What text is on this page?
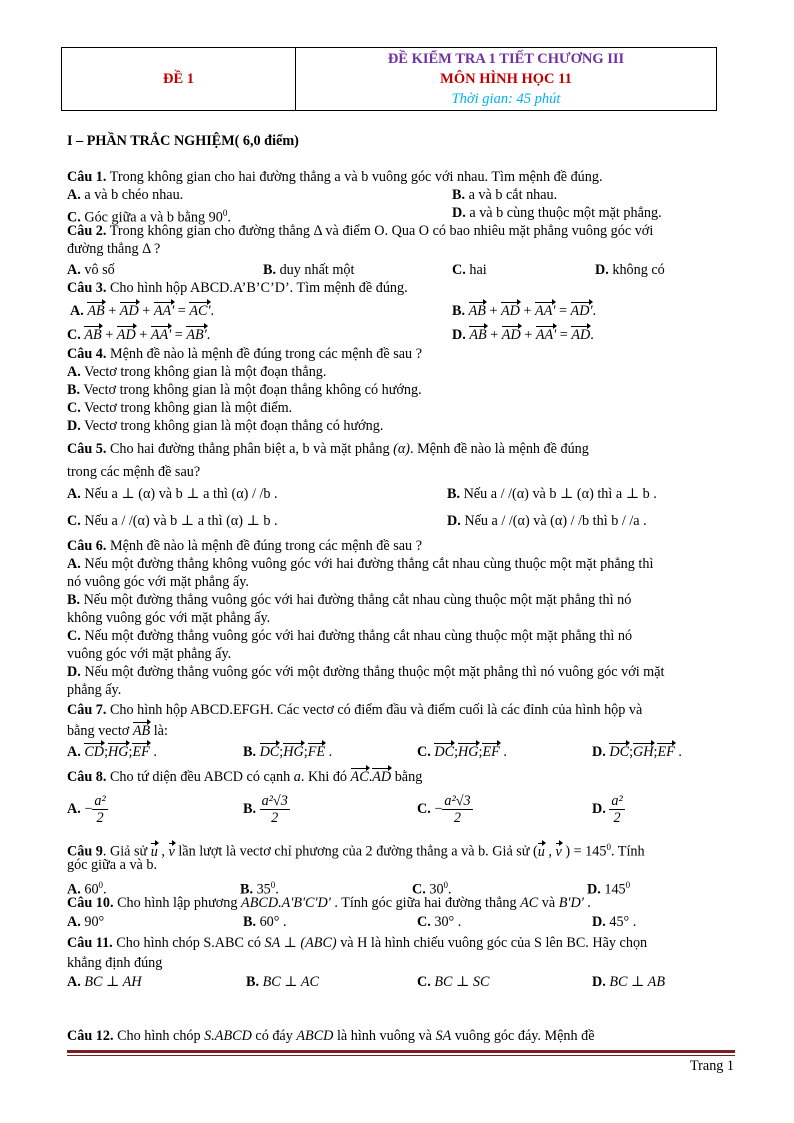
ĐỀ 1
ĐỀ KIỂM TRA 1 TIẾT CHƯƠNG III
MÔN HÌNH HỌC 11
Thời gian: 45 phút
I – PHẦN TRẮC NGHIỆM( 6,0 điểm)
Câu 1. Trong không gian cho hai đường thẳng a và b vuông góc với nhau. Tìm mệnh đề đúng.
A. a và b chéo nhau.	B. a và b cắt nhau.
C. Góc giữa a và b bằng $90^0$.	D. a và b cùng thuộc một mặt phẳng.
Câu 2. Trong không gian cho đường thẳng Δ và điểm O. Qua O có bao nhiêu mặt phẳng vuông góc với
đường thẳng Δ ?
A. vô số	B. duy nhất một	C. hai	D. không có
Câu 3. Cho hình hộp ABCD.A’B’C’D’. Tìm mệnh đề đúng.
A. AB + AD + AA' = AC'.	B. AB + AD + AA' = AD'.
C. AB + AD + AA' = AB'.	D. AB + AD + AA' = AD.
Câu 4. Mệnh đề nào là mệnh đề đúng trong các mệnh đề sau ?
A. Vectơ trong không gian là một đoạn thẳng.
B. Vectơ trong không gian là một đoạn thẳng không có hướng.
C. Vectơ trong không gian là một điểm.
D. Vectơ trong không gian là một đoạn thẳng có hướng.
Câu 5. Cho hai đường thẳng phân biệt a, b và mặt phẳng (α). Mệnh đề nào là mệnh đề đúng
trong các mệnh đề sau?
A. Nếu a ⊥ (α) và b ⊥ a thì (α) / /b .	B. Nếu a / /(α) và b ⊥ (α) thì a ⊥ b .
C. Nếu a / /(α) và b ⊥ a thì (α) ⊥ b .	D. Nếu a / /(α) và (α) / /b thì b / /a .
Câu 6. Mệnh đề nào là mệnh đề đúng trong các mệnh đề sau ?
A. Nếu một đường thẳng không vuông góc với hai đường thẳng cắt nhau cùng thuộc một mặt phẳng thì
nó vuông góc với mặt phẳng ấy.
B. Nếu một đường thẳng vuông góc với hai đường thẳng cắt nhau cùng thuộc một mặt phẳng thì nó
không vuông góc với mặt phẳng ấy.
C. Nếu một đường thẳng vuông góc với hai đường thẳng cắt nhau cùng thuộc một mặt phẳng thì nó
vuông góc với mặt phẳng ấy.
D. Nếu một đường thẳng vuông góc với một đường thẳng thuộc một mặt phẳng thì nó vuông góc với mặt
phẳng ấy.
Câu 7. Cho hình hộp ABCD.EFGH. Các vectơ có điểm đầu và điểm cuối là các đỉnh của hình hộp và
bằng vectơ AB là:
A. CD;HG;EF .	B. DC;HG;FE .	C. DC;HG;EF .	D. DC;GH;EF .
Câu 8. Cho tứ diện đều ABCD có cạnh a. Khi đó AC.AD bằng
A. − $\frac{\text{a²}}{2}$	B. $\frac{\text{a²√3}}{2}$	C. − $\frac{\text{a²√3}}{2}$	D. $\frac{\text{a²}}{2}$
Câu 9. Giả sử u , v lần lượt là vectơ chỉ phương của 2 đường thẳng a và b. Giả sử (u , v ) = $145^0$. Tính
góc giữa a và b.
A. $60^0$.	B. $35^0$.	C. $30^0$.	D. $145^0$
Câu 10. Cho hình lập phương ABCD.A'B'C'D' . Tính góc giữa hai đường thẳng AC và B'D' .
A. 90°	B. 60° .	C. 30° .	D. 45° .
Câu 11. Cho hình chóp S.ABC có SA ⊥ (ABC) và H là hình chiếu vuông góc của S lên BC. Hãy chọn
khẳng định đúng
A. BC ⊥ AH	B. BC ⊥ AC	C. BC ⊥ SC	D. BC ⊥ AB
Câu 12. Cho hình chóp S.ABCD có đáy ABCD là hình vuông và SA vuông góc đáy. Mệnh đề
Trang 1
